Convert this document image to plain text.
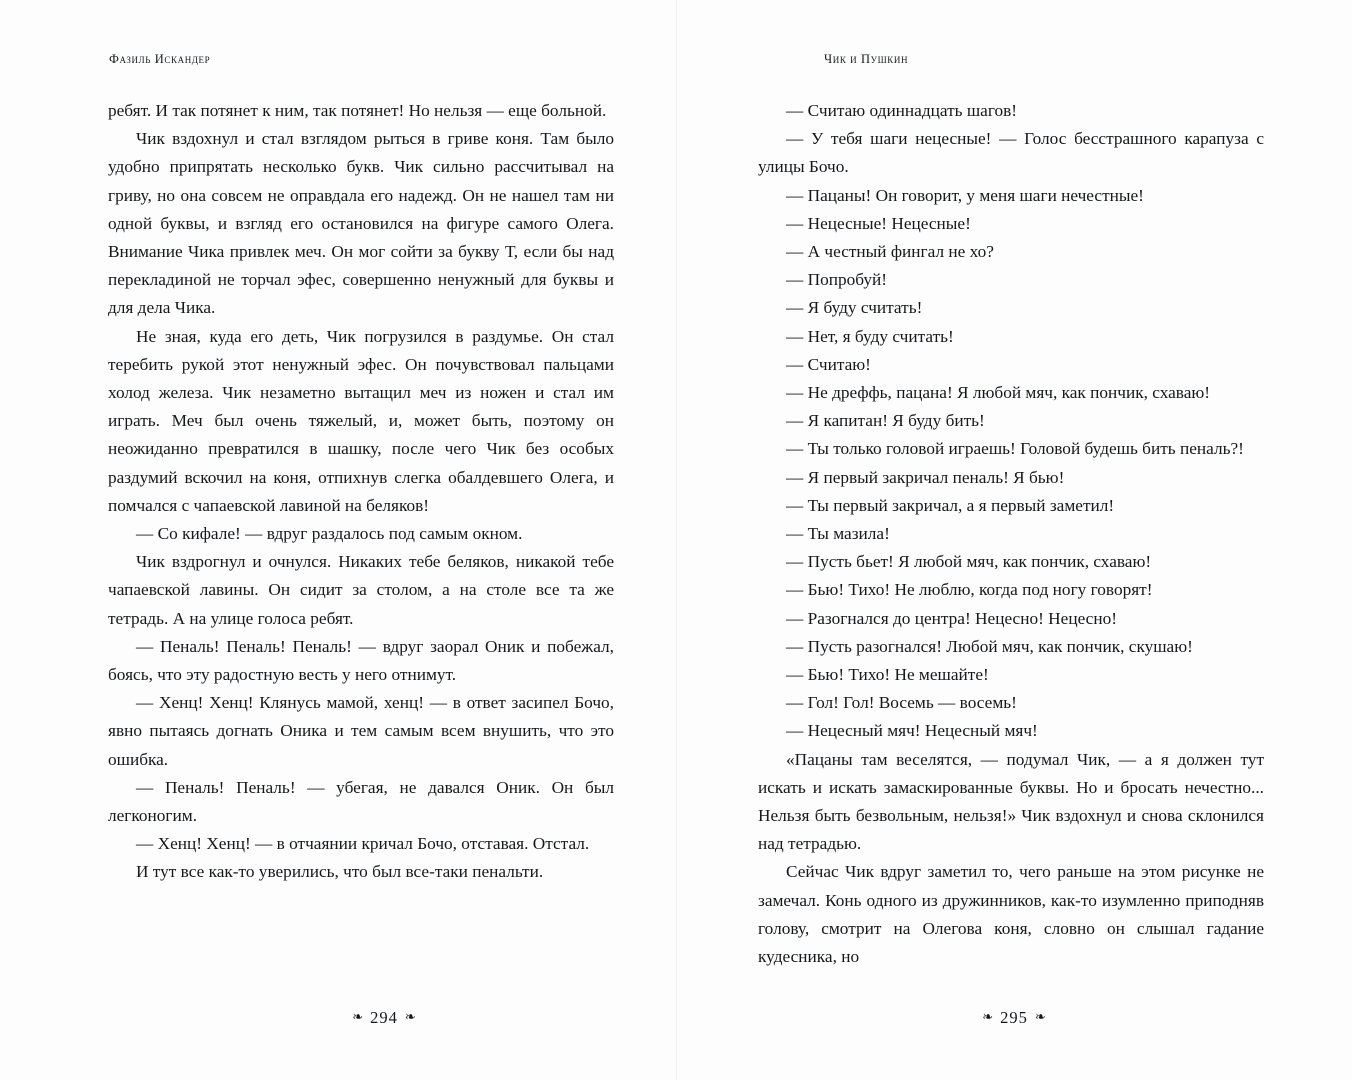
Фазиль Искандер

ребят. И так потянет к ним, так потянет! Но нельзя — еще больной.

Чик вздохнул и стал взглядом рыться в гриве коня. Там было удобно припрятать несколько букв. Чик сильно рассчитывал на гриву, но она совсем не оправдала его надежд. Он не нашел там ни одной буквы, и взгляд его остановился на фигуре самого Олега. Внимание Чика привлек меч. Он мог сойти за букву Т, если бы над перекладиной не торчал эфес, совершенно ненужный для буквы и для дела Чика.

Не зная, куда его деть, Чик погрузился в раздумье. Он стал теребить рукой этот ненужный эфес. Он почувствовал пальцами холод железа. Чик незаметно вытащил меч из ножен и стал им играть. Меч был очень тяжелый, и, может быть, поэтому он неожиданно превратился в шашку, после чего Чик без особых раздумий вскочил на коня, отпихнув слегка обалдевшего Олега, и помчался с чапаевской лавиной на беляков!

— Со кифале! — вдруг раздалось под самым окном.

Чик вздрогнул и очнулся. Никаких тебе беляков, никакой тебе чапаевской лавины. Он сидит за столом, а на столе все та же тетрадь. А на улице голоса ребят.

— Пеналь! Пеналь! Пеналь! — вдруг заорал Оник и побежал, боясь, что эту радостную весть у него отнимут.

— Хенц! Хенц! Клянусь мамой, хенц! — в ответ засипел Бочо, явно пытаясь догнать Оника и тем самым всем внушить, что это ошибка.

— Пеналь! Пеналь! — убегая, не давался Оник. Он был легконогим.

— Хенц! Хенц! — в отчаянии кричал Бочо, отставая. Отстал.

И тут все как-то уверились, что был все-таки пенальти.

❧ 294 ❧
Чик и Пушкин

— Считаю одиннадцать шагов!

— У тебя шаги нецесные! — Голос бесстрашного карапуза с улицы Бочо.

— Пацаны! Он говорит, у меня шаги нечестные!

— Нецесные! Нецесные!

— А честный фингал не хо?

— Попробуй!

— Я буду считать!

— Нет, я буду считать!

— Считаю!

— Не дреффь, пацана! Я любой мяч, как пончик, схаваю!

— Я капитан! Я буду бить!

— Ты только головой играешь! Головой будешь бить пеналь?!

— Я первый закричал пеналь! Я бью!

— Ты первый закричал, а я первый заметил!

— Ты мазила!

— Пусть бьет! Я любой мяч, как пончик, схаваю!

— Бью! Тихо! Не люблю, когда под ногу говорят!

— Разогнался до центра! Нецесно! Нецесно!

— Пусть разогнался! Любой мяч, как пончик, скушаю!

— Бью! Тихо! Не мешайте!

— Гол! Гол! Восемь — восемь!

— Нецесный мяч! Нецесный мяч!

«Пацаны там веселятся, — подумал Чик, — а я должен тут искать и искать замаскированные буквы. Но и бросать нечестно... Нельзя быть безвольным, нельзя!» Чик вздохнул и снова склонился над тетрадью.

Сейчас Чик вдруг заметил то, чего раньше на этом рисунке не замечал. Конь одного из дружинников, как-то изумленно приподняв голову, смотрит на Олегова коня, словно он слышал гадание кудесника, но

❧ 295 ❧
